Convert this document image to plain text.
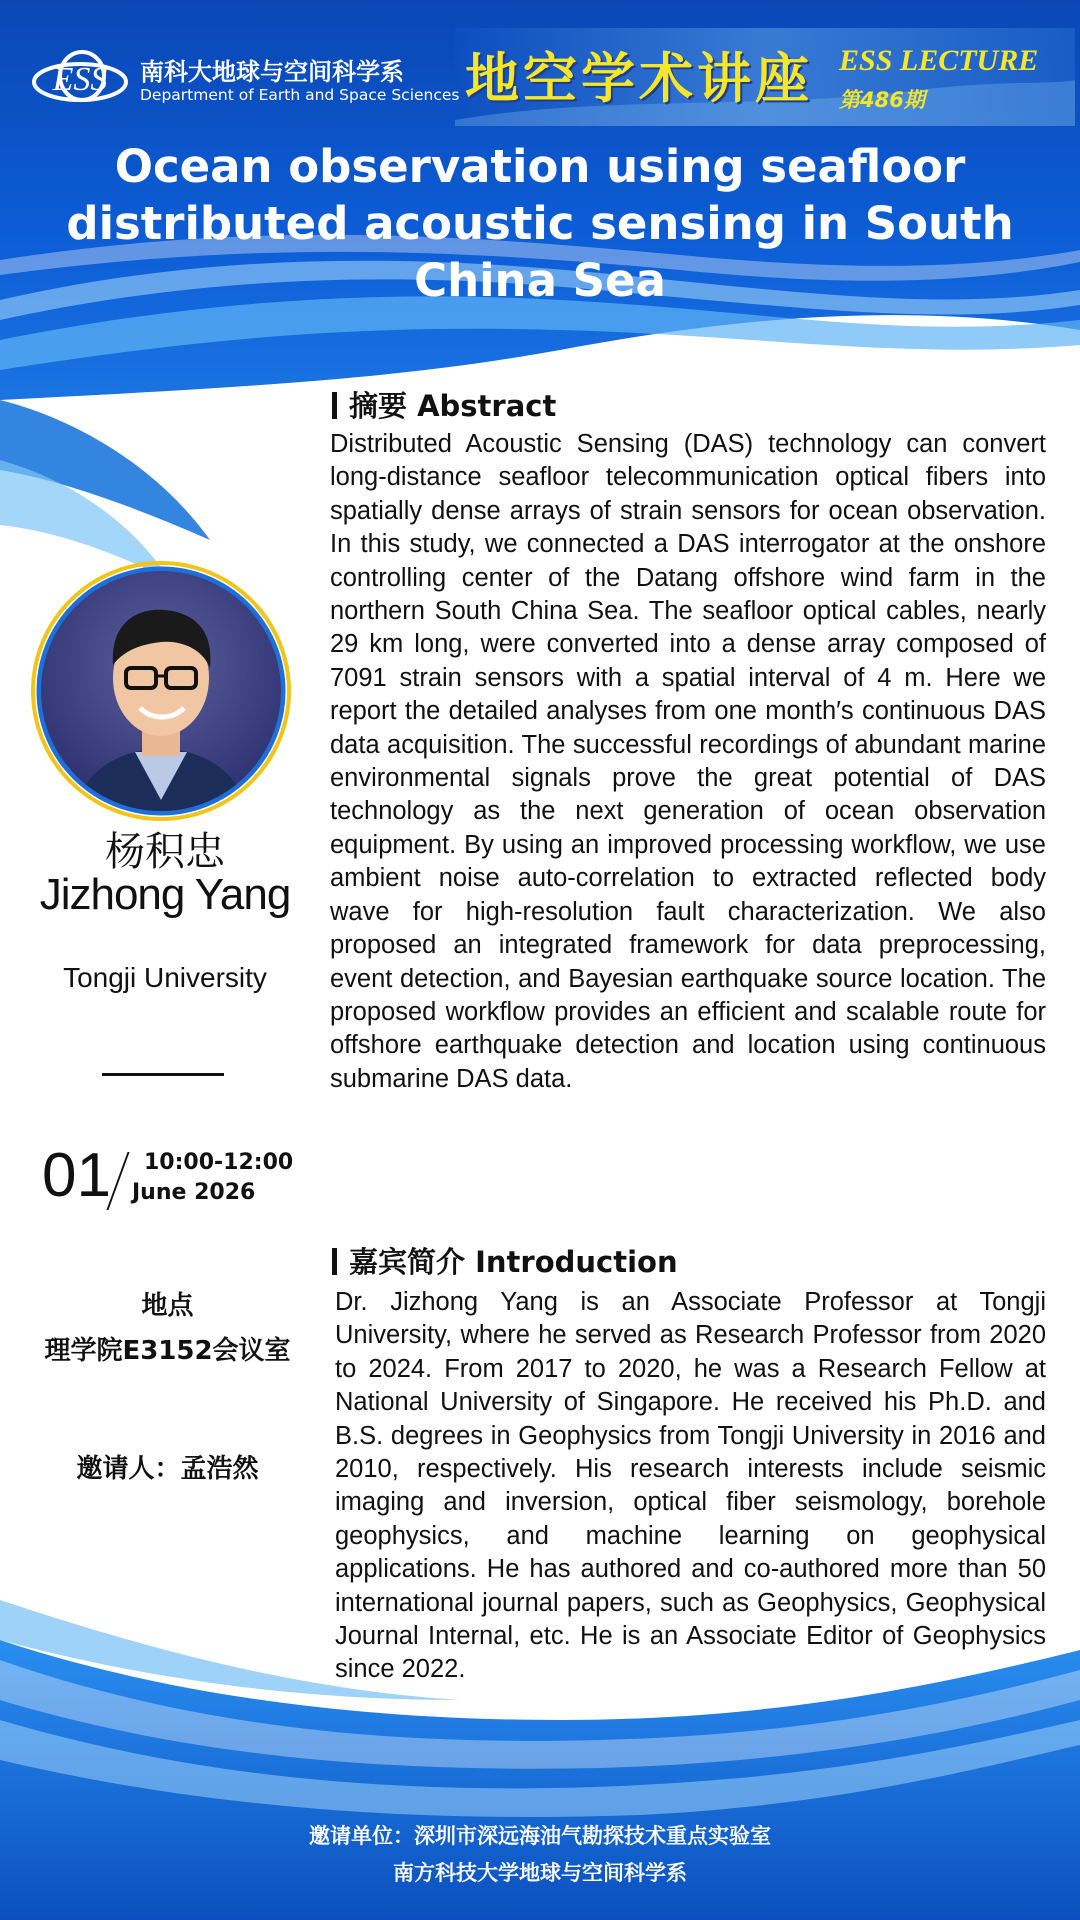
ESS 南科大地球与空间科学系
Department of Earth and Space Sciences 地空学术讲座 ESS LECTURE
第486期
Ocean observation using seafloor distributed acoustic sensing in South China Sea
杨积忠
Jizhong Yang
Tongji University
01 10:00-12:00
June 2026
地点
理学院E3152会议室
邀请人：孟浩然
摘要 Abstract
Distributed Acoustic Sensing (DAS) technology can convert long-distance seafloor telecommunication optical fibers into spatially dense arrays of strain sensors for ocean observation. In this study, we connected a DAS interrogator at the onshore controlling center of the Datang offshore wind farm in the northern South China Sea. The seafloor optical cables, nearly 29 km long, were converted into a dense array composed of 7091 strain sensors with a spatial interval of 4 m. Here we report the detailed analyses from one month′s continuous DAS data acquisition. The successful recordings of abundant marine environmental signals prove the great potential of DAS technology as the next generation of ocean observation equipment. By using an improved processing workflow, we use ambient noise auto-correlation to extracted reflected body wave for high-resolution fault characterization. We also proposed an integrated framework for data preprocessing, event detection, and Bayesian earthquake source location. The proposed workflow provides an efficient and scalable route for offshore earthquake detection and location using continuous submarine DAS data.
嘉宾简介 Introduction
Dr. Jizhong Yang is an Associate Professor at Tongji University, where he served as Research Professor from 2020 to 2024. From 2017 to 2020, he was a Research Fellow at National University of Singapore. He received his Ph.D. and B.S. degrees in Geophysics from Tongji University in 2016 and 2010, respectively. His research interests include seismic imaging and inversion, optical fiber seismology, borehole geophysics, and machine learning on geophysical applications. He has authored and co-authored more than 50 international journal papers, such as Geophysics, Geophysical Journal Internal, etc. He is an Associate Editor of Geophysics since 2022.
邀请单位：深圳市深远海油气勘探技术重点实验室
南方科技大学地球与空间科学系
